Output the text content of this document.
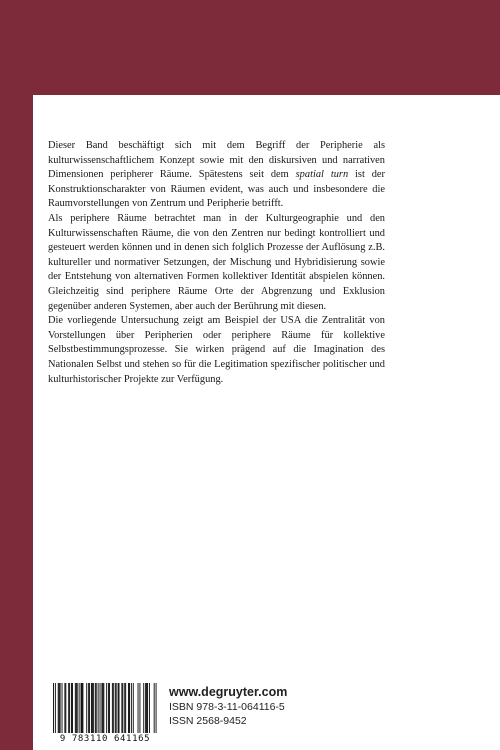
Dieser Band beschäftigt sich mit dem Begriff der Peripherie als kulturwissenschaftlichem Konzept sowie mit den diskursiven und narrativen Dimensionen peripherer Räume. Spätestens seit dem spatial turn ist der Konstruktionscharakter von Räumen evident, was auch und insbesondere die Raumvorstellungen von Zentrum und Peripherie betrifft.

Als periphere Räume betrachtet man in der Kulturgeographie und den Kulturwissenschaften Räume, die von den Zentren nur bedingt kontrolliert und gesteuert werden können und in denen sich folglich Prozesse der Auflösung z.B. kultureller und normativer Setzungen, der Mischung und Hybridisierung sowie der Entstehung von alternativen Formen kollektiver Identität abspielen können. Gleichzeitig sind periphere Räume Orte der Abgrenzung und Exklusion gegenüber anderen Systemen, aber auch der Berührung mit diesen.

Die vorliegende Untersuchung zeigt am Beispiel der USA die Zentralität von Vorstellungen über Peripherien oder periphere Räume für kollektive Selbstbestimmungsprozesse. Sie wirken prägend auf die Imagination des Nationalen Selbst und stehen so für die Legitimation spezifischer politischer und kulturhistorischer Projekte zur Verfügung.

9 783110 641165
www.degruyter.com
ISBN 978-3-11-064116-5
ISSN 2568-9452
